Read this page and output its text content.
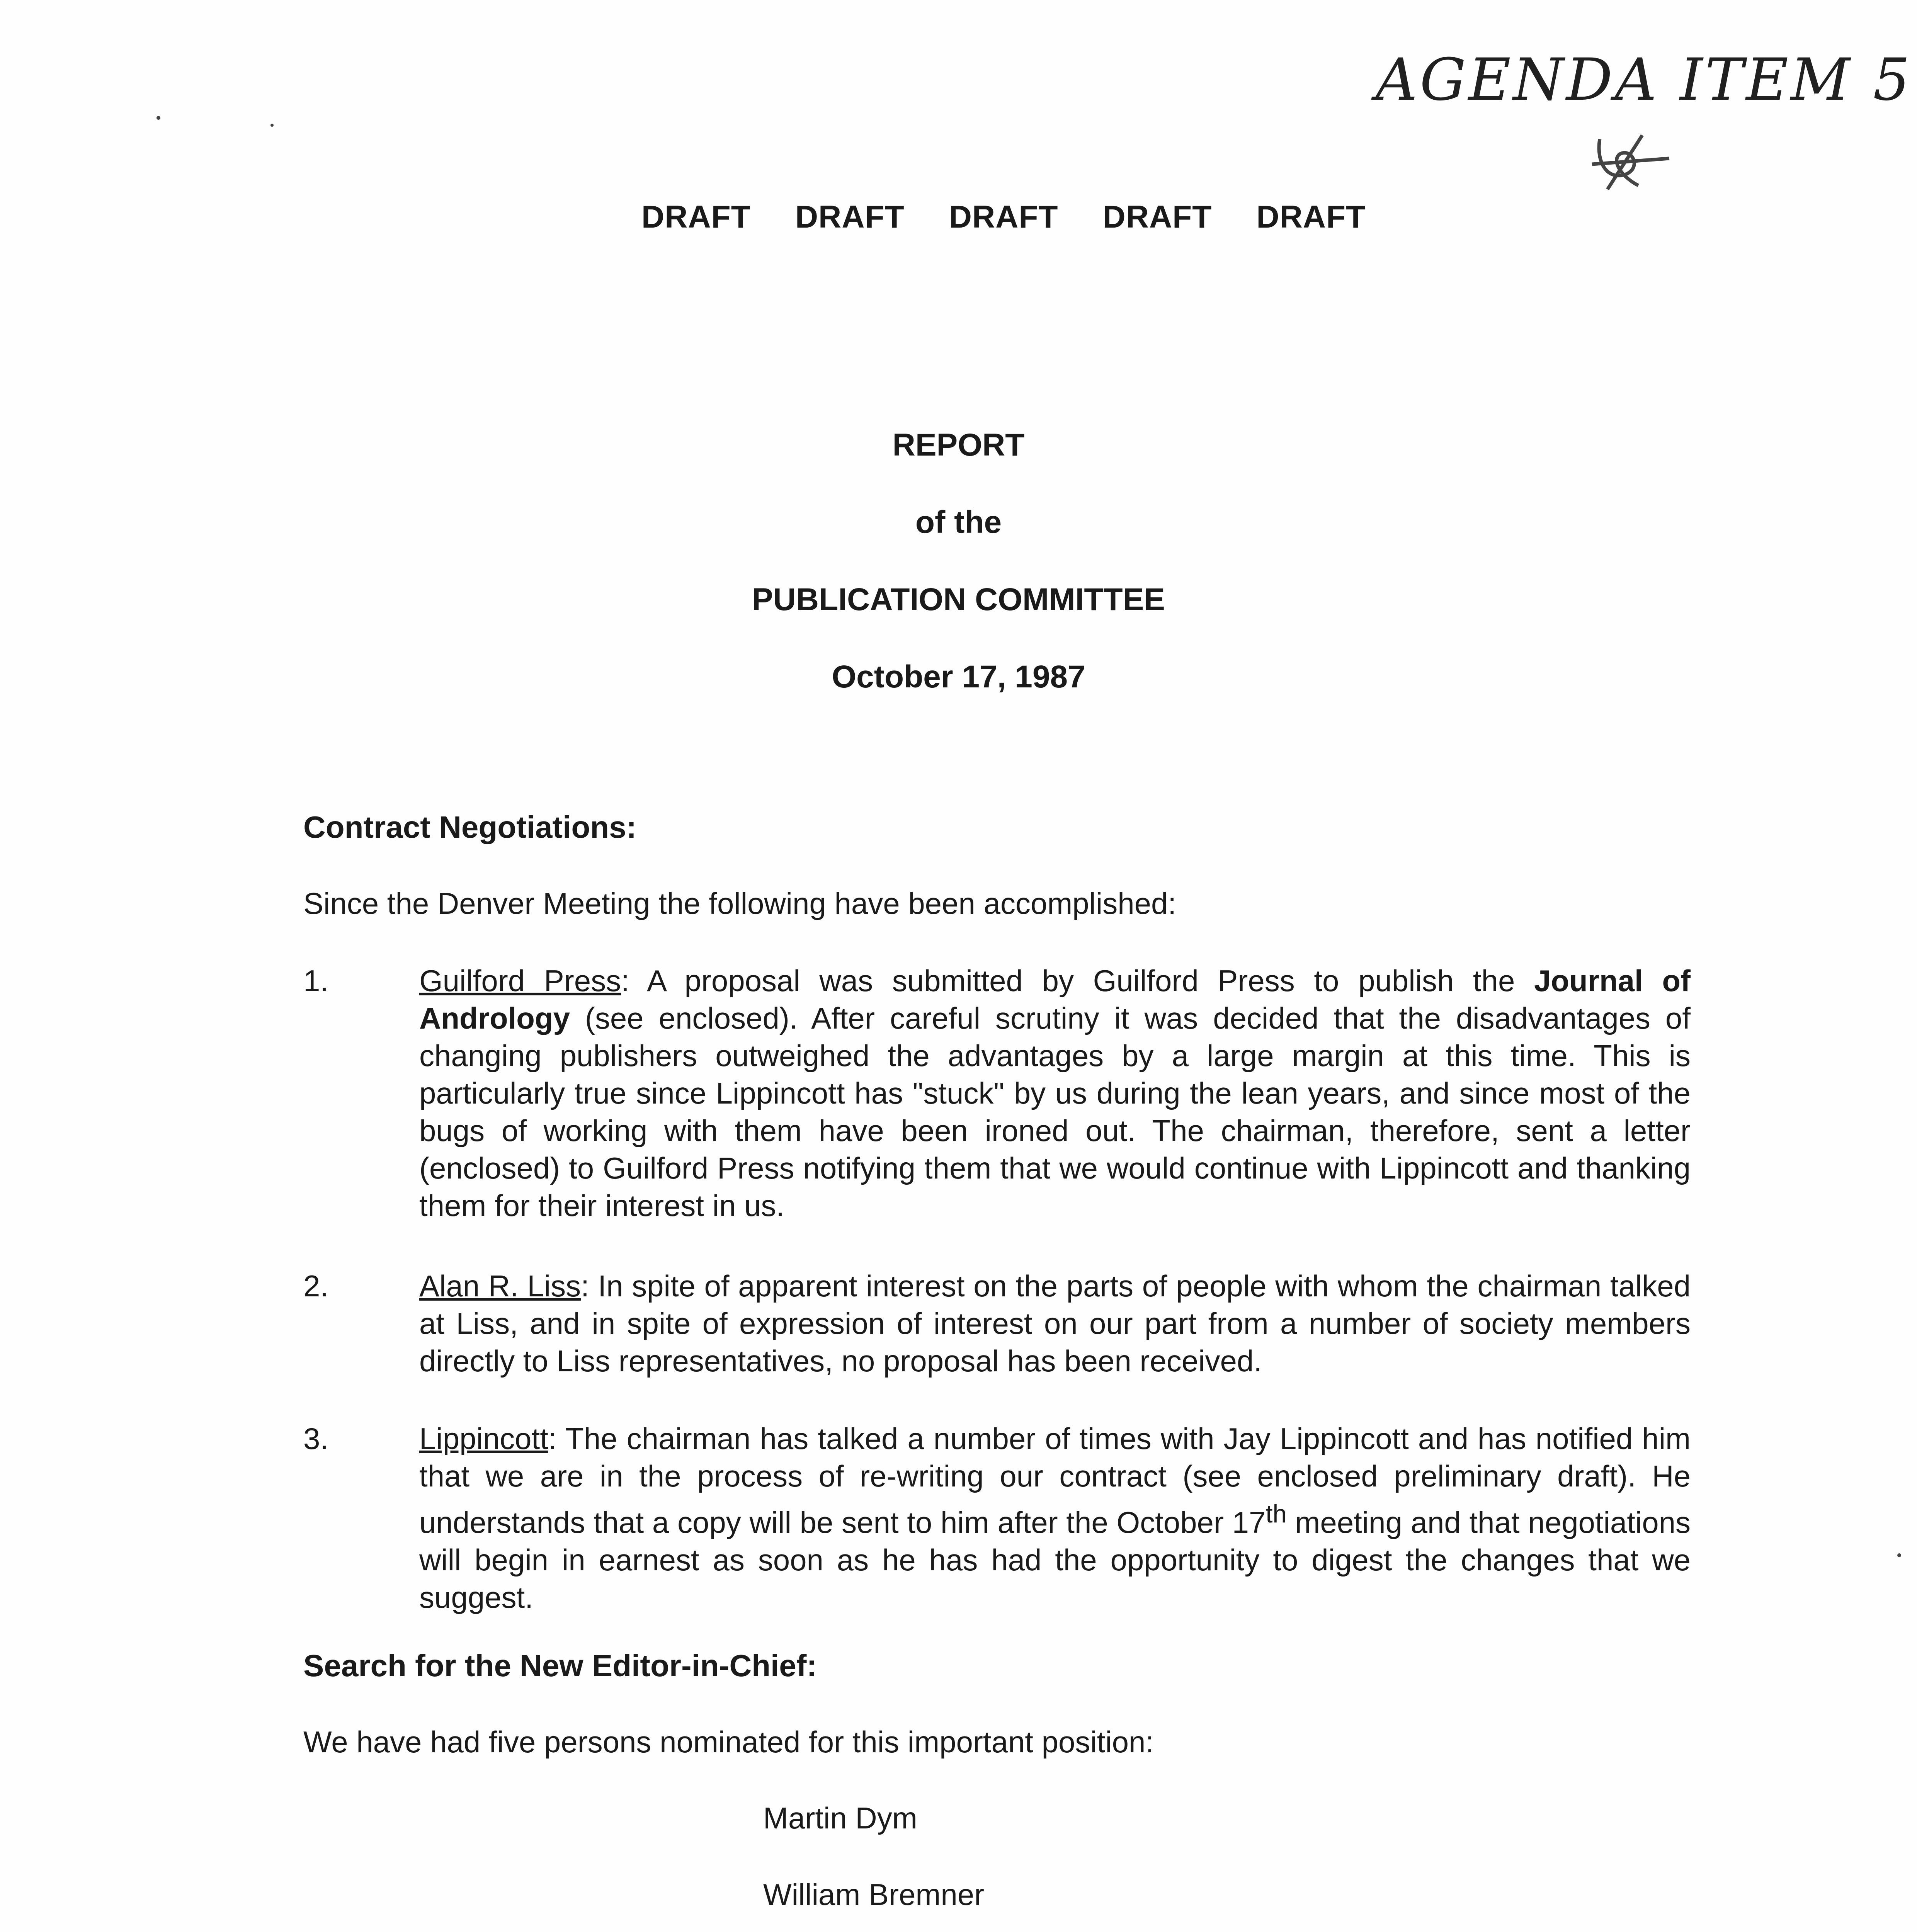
AGENDA ITEM 5
DRAFT DRAFT DRAFT DRAFT DRAFT
REPORT
of the
PUBLICATION COMMITTEE
October 17, 1987
Contract Negotiations:
Since the Denver Meeting the following have been accomplished:
1.	Guilford Press: A proposal was submitted by Guilford Press to publish the Journal of Andrology (see enclosed). After careful scrutiny it was decided that the disadvantages of changing publishers outweighed the advantages by a large margin at this time. This is particularly true since Lippincott has "stuck" by us during the lean years, and since most of the bugs of working with them have been ironed out. The chairman, therefore, sent a letter (enclosed) to Guilford Press notifying them that we would continue with Lippincott and thanking them for their interest in us.
2.	Alan R. Liss: In spite of apparent interest on the parts of people with whom the chairman talked at Liss, and in spite of expression of interest on our part from a number of society members directly to Liss representatives, no proposal has been received.
3.	Lippincott: The chairman has talked a number of times with Jay Lippincott and has notified him that we are in the process of re-writing our contract (see enclosed preliminary draft). He understands that a copy will be sent to him after the October 17th meeting and that negotiations will begin in earnest as soon as he has had the opportunity to digest the changes that we suggest.
Search for the New Editor-in-Chief:
We have had five persons nominated for this important position:
Martin Dym
William Bremner
